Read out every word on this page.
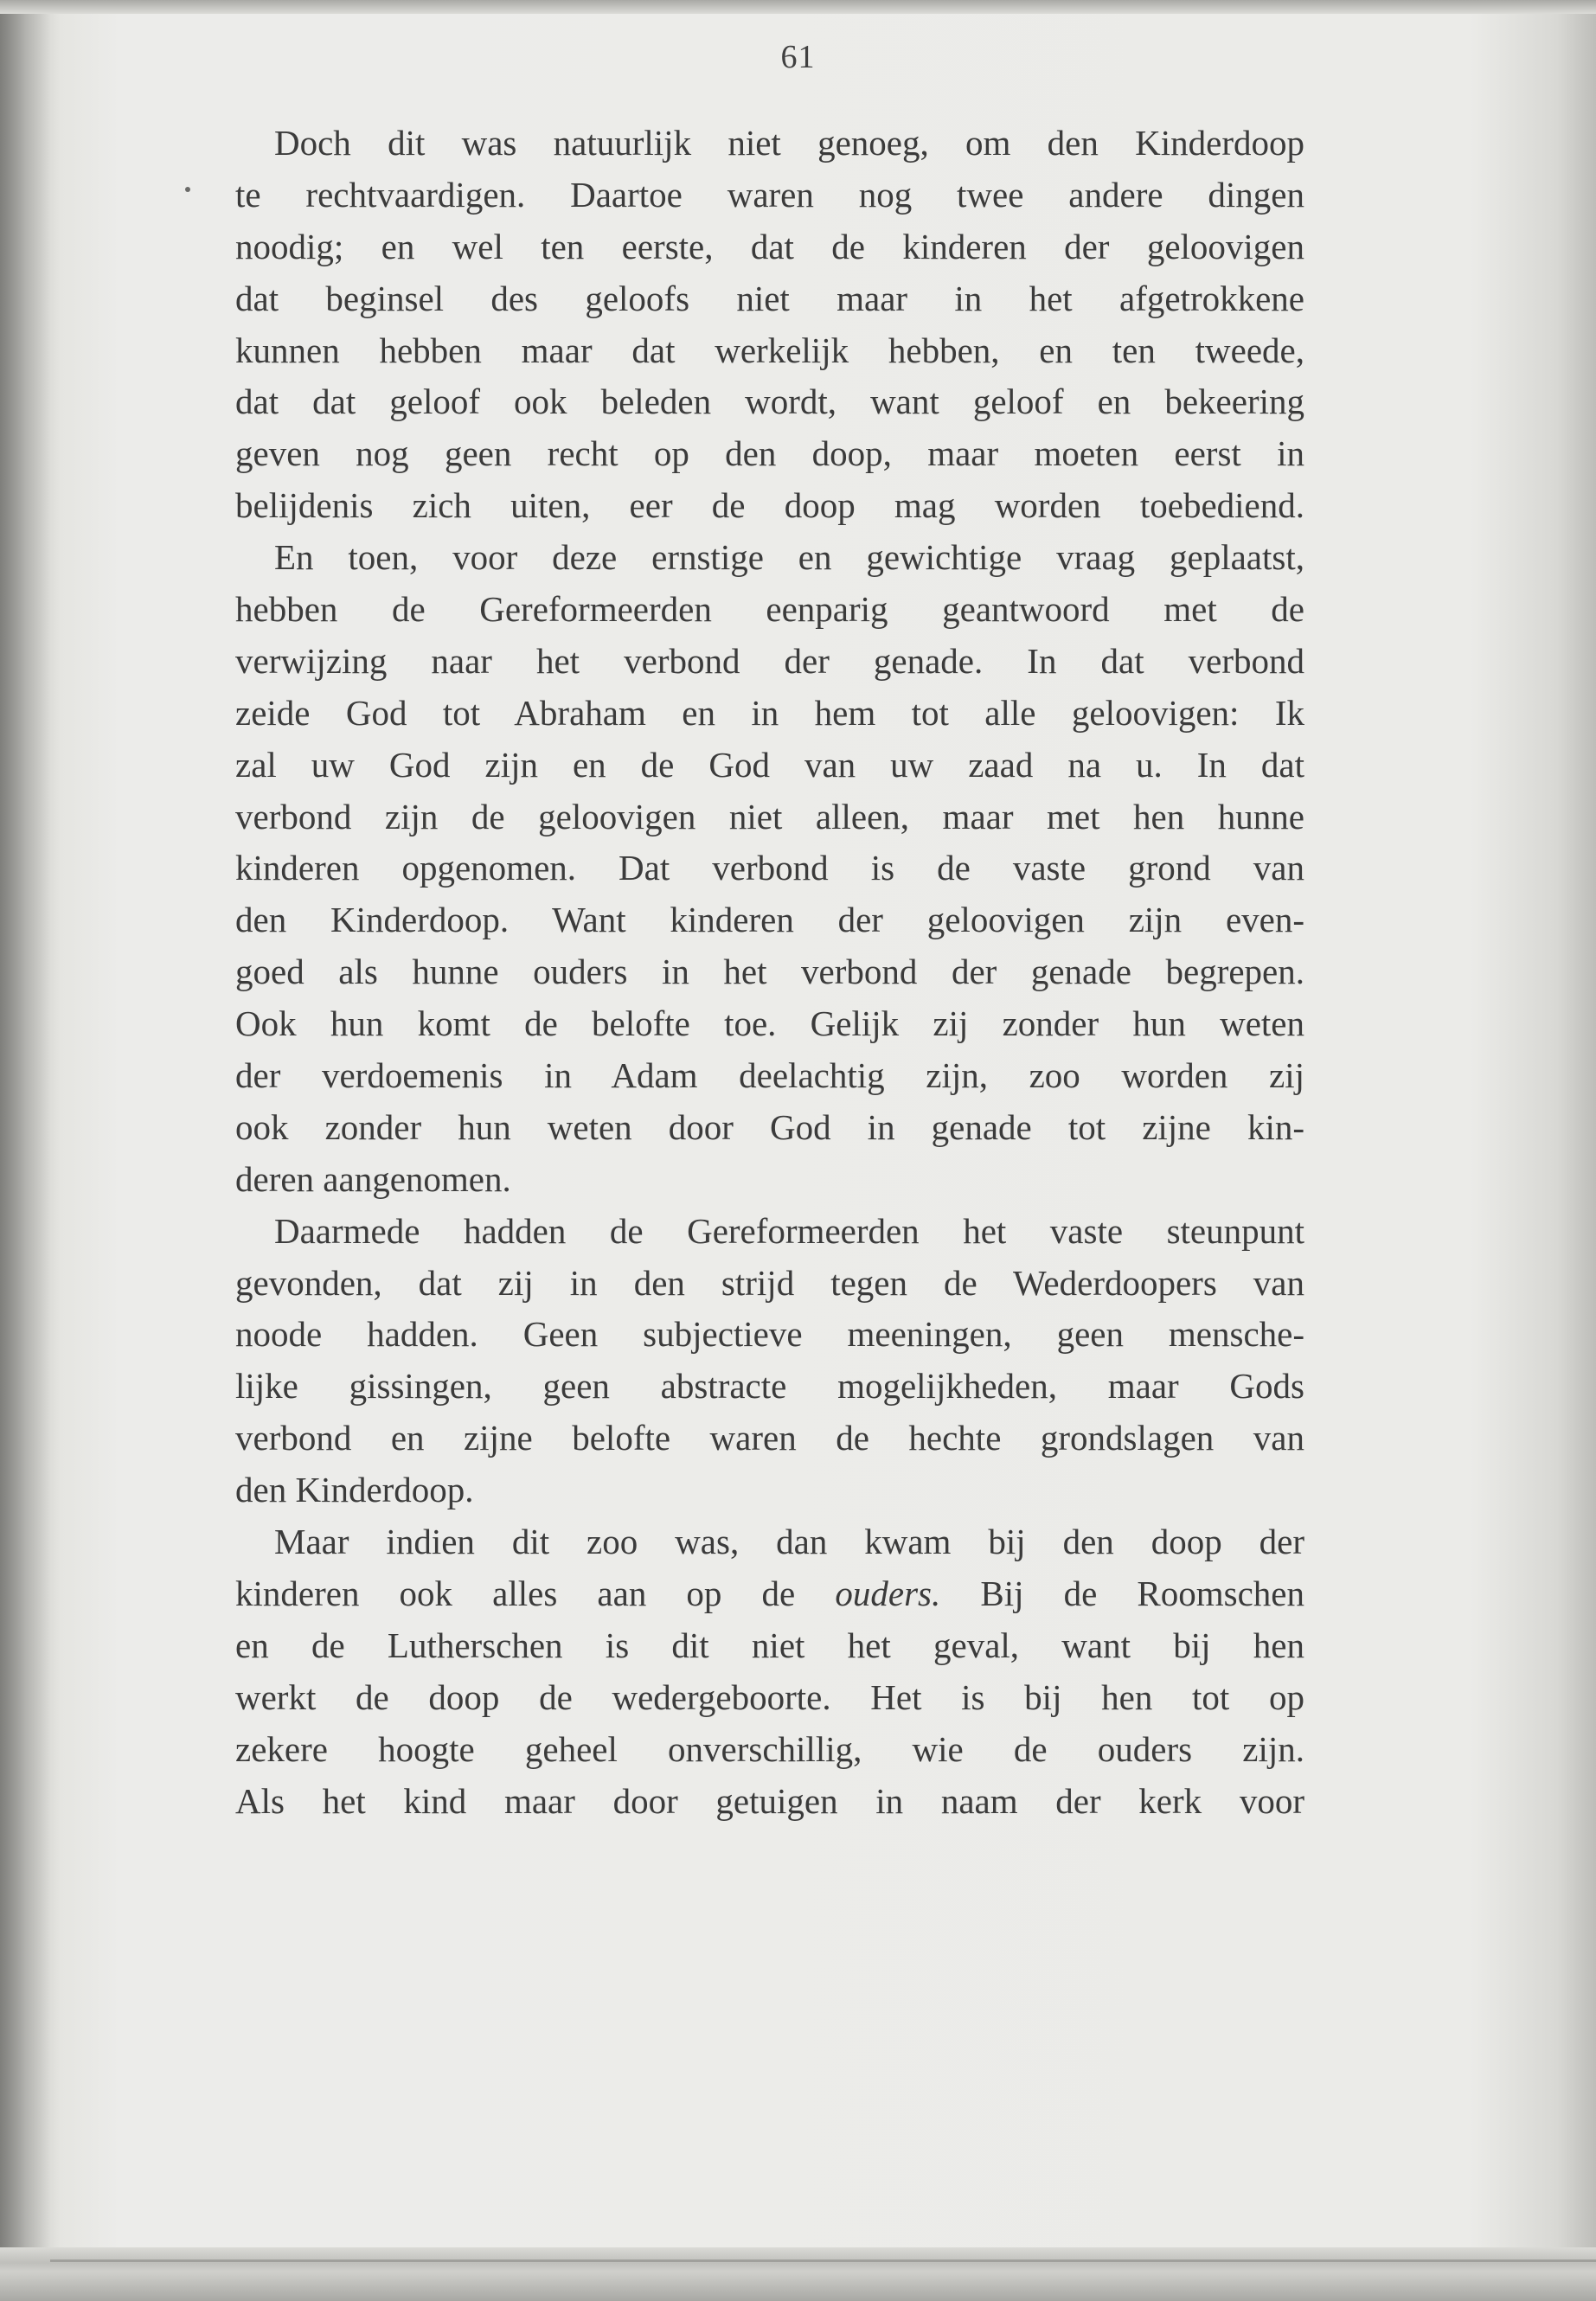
61
Doch dit was natuurlijk niet genoeg, om den Kinderdoop
te rechtvaardigen. Daartoe waren nog twee andere dingen
noodig; en wel ten eerste, dat de kinderen der geloovigen
dat beginsel des geloofs niet maar in het afgetrokkene
kunnen hebben maar dat werkelijk hebben, en ten tweede,
dat dat geloof ook beleden wordt, want geloof en bekeering
geven nog geen recht op den doop, maar moeten eerst in
belijdenis zich uiten, eer de doop mag worden toebediend.
En toen, voor deze ernstige en gewichtige vraag geplaatst,
hebben de Gereformeerden eenparig geantwoord met de
verwijzing naar het verbond der genade. In dat verbond
zeide God tot Abraham en in hem tot alle geloovigen: Ik
zal uw God zijn en de God van uw zaad na u. In dat
verbond zijn de geloovigen niet alleen, maar met hen hunne
kinderen opgenomen. Dat verbond is de vaste grond van
den Kinderdoop. Want kinderen der geloovigen zijn even-
goed als hunne ouders in het verbond der genade begrepen.
Ook hun komt de belofte toe. Gelijk zij zonder hun weten
der verdoemenis in Adam deelachtig zijn, zoo worden zij
ook zonder hun weten door God in genade tot zijne kin-
deren aangenomen.
Daarmede hadden de Gereformeerden het vaste steunpunt
gevonden, dat zij in den strijd tegen de Wederdoopers van
noode hadden. Geen subjectieve meeningen, geen mensche-
lijke gissingen, geen abstracte mogelijkheden, maar Gods
verbond en zijne belofte waren de hechte grondslagen van
den Kinderdoop.
Maar indien dit zoo was, dan kwam bij den doop der
kinderen ook alles aan op de ouders. Bij de Roomschen
en de Lutherschen is dit niet het geval, want bij hen
werkt de doop de wedergeboorte. Het is bij hen tot op
zekere hoogte geheel onverschillig, wie de ouders zijn.
Als het kind maar door getuigen in naam der kerk voor
